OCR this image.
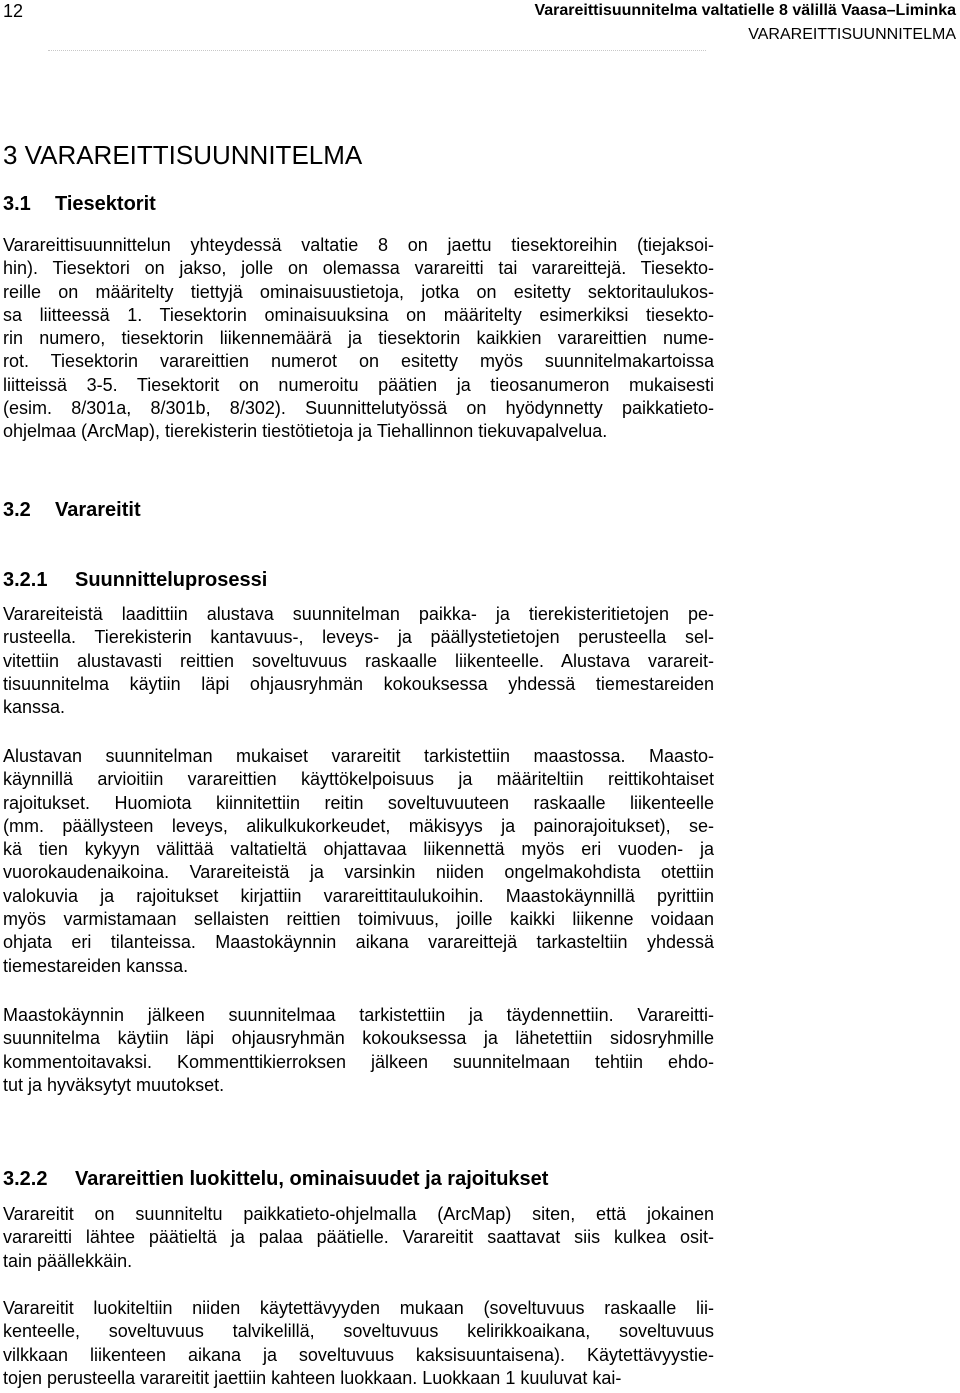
12	Varareittisuunnitelma valtatielle 8 välillä Vaasa–Liminka
VARAREITTISUUNNITELMA
3 VARAREITTISUUNNITELMA
3.1 Tiesektorit
Varareittisuunnittelun yhteydessä valtatie 8 on jaettu tiesektoreihin (tiejaksoi-
hin). Tiesektori on jakso, jolle on olemassa varareitti tai varareittejä. Tiesekto-
reille on määritelty tiettyjä ominaisuustietoja, jotka on esitetty sektoritaulukos-
sa liitteessä 1. Tiesektorin ominaisuuksina on määritelty esimerkiksi tiesekto-
rin numero, tiesektorin liikennemäärä ja tiesektorin kaikkien varareittien nume-
rot. Tiesektorin varareittien numerot on esitetty myös suunnitelmakartoissa
liitteissä 3-5. Tiesektorit on numeroitu päätien ja tieosanumeron mukaisesti
(esim. 8/301a, 8/301b, 8/302). Suunnittelutyössä on hyödynnetty paikkatieto-
ohjelmaa (ArcMap), tierekisterin tiestötietoja ja Tiehallinnon tiekuvapalvelua.
3.2 Varareitit
3.2.1 Suunnitteluprosessi
Varareiteistä laadittiin alustava suunnitelman paikka- ja tierekisteritietojen pe-
rusteella. Tierekisterin kantavuus-, leveys- ja päällystetietojen perusteella sel-
vitettiin alustavasti reittien soveltuvuus raskaalle liikenteelle. Alustava varareit-
tisuunnitelma käytiin läpi ohjausryhmän kokouksessa yhdessä tiemestareiden
kanssa.
Alustavan suunnitelman mukaiset varareitit tarkistettiin maastossa. Maasto-
käynnillä arvioitiin varareittien käyttökelpoisuus ja määriteltiin reittikohtaiset
rajoitukset. Huomiota kiinnitettiin reitin soveltuvuuteen raskaalle liikenteelle
(mm. päällysteen leveys, alikulkukorkeudet, mäkisyys ja painorajoitukset), se-
kä tien kykyyn välittää valtatieltä ohjattavaa liikennettä myös eri vuoden- ja
vuorokaudenaikoina. Varareiteistä ja varsinkin niiden ongelmakohdista otettiin
valokuvia ja rajoitukset kirjattiin varareittitaulukoihin. Maastokäynnillä pyrittiin
myös varmistamaan sellaisten reittien toimivuus, joille kaikki liikenne voidaan
ohjata eri tilanteissa. Maastokäynnin aikana varareittejä tarkasteltiin yhdessä
tiemestareiden kanssa.
Maastokäynnin jälkeen suunnitelmaa tarkistettiin ja täydennettiin. Varareitti-
suunnitelma käytiin läpi ohjausryhmän kokouksessa ja lähetettiin sidosryhmille
kommentoitavaksi. Kommenttikierroksen jälkeen suunnitelmaan tehtiin ehdo-
tut ja hyväksytyt muutokset.
3.2.2 Varareittien luokittelu, ominaisuudet ja rajoitukset
Varareitit on suunniteltu paikkatieto-ohjelmalla (ArcMap) siten, että jokainen
varareitti lähtee päätieltä ja palaa päätielle. Varareitit saattavat siis kulkea osit-
tain päällekkäin.
Varareitit luokiteltiin niiden käytettävyyden mukaan (soveltuvuus raskaalle lii-
kenteelle, soveltuvuus talvikelillä, soveltuvuus kelirikkoaikana, soveltuvuus
vilkkaan liikenteen aikana ja soveltuvuus kaksisuuntaisena). Käytettävyystie-
tojen perusteella varareitit jaettiin kahteen luokkaan. Luokkaan 1 kuuluvat kai-
